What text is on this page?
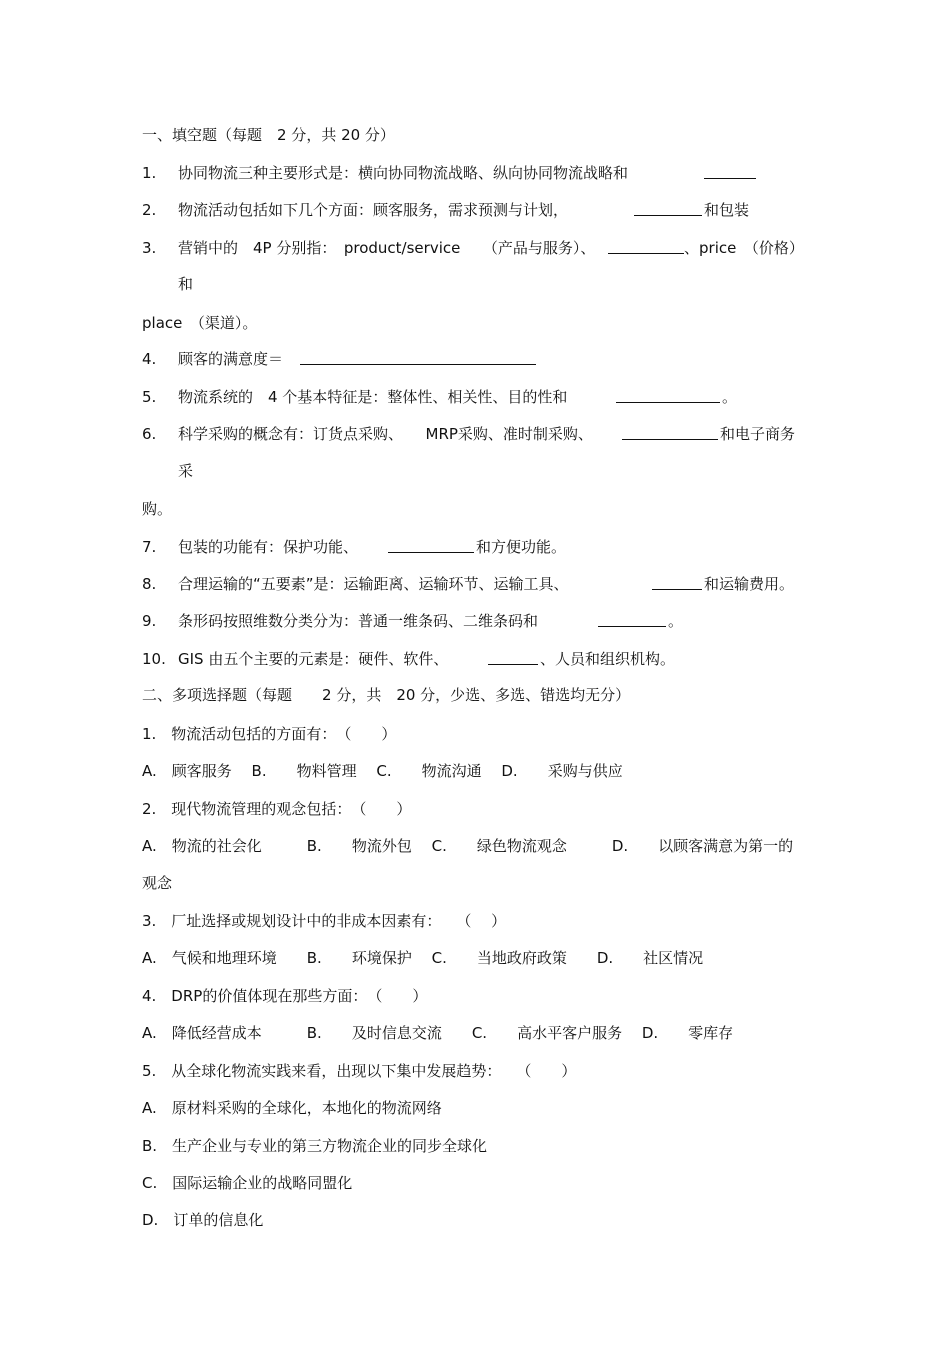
一、填空题（每题　2 分，共 20 分）
1. 协同物流三种主要形式是：横向协同物流战略、纵向协同物流战略和
2. 物流活动包括如下几个方面：顾客服务，需求预测与计划，	和包装
3. 营销中的　4P 分别指：　product/service　　（产品与服务）、	、price　（价格）
和
place　（渠道）。
4. 顾客的满意度＝
5. 物流系统的　4 个基本特征是：整体性、相关性、目的性和	。
6. 科学采购的概念有：订货点采购、　　MRP采购、准时制采购、	和电子商务
采
购。
7. 包装的功能有：保护功能、	和方便功能。
8. 合理运输的“五要素”是：运输距离、运输环节、运输工具、	和运输费用。
9. 条形码按照维数分类分为：普通一维条码、二维条码和	。
10. GIS 由五个主要的元素是：硬件、软件、	、人员和组织机构。
二、多项选择题（每题　　2 分，共　20 分，少选、多选、错选均无分）
1.　物流活动包括的方面有：　（　　）
A.　顾客服务　 B.　　物料管理　 C.　　物流沟通　 D.　　采购与供应
2.　现代物流管理的观念包括：　（　　）
A.　物流的社会化　　　B.　　物流外包　 C.　　绿色物流观念　　　D.　　以顾客满意为第一的
观念
3.　厂址选择或规划设计中的非成本因素有：　　（　 ）
A.　气候和地理环境　　B.　　环境保护　 C.　　当地政府政策　　D.　　社区情况
4.　DRP的价值体现在那些方面：　（　　）
A.　降低经营成本　　　B.　　及时信息交流　　C.　　高水平客户服务　 D.　　零库存
5.　从全球化物流实践来看，出现以下集中发展趋势：　　（　　）
A.　原材料采购的全球化，本地化的物流网络
B.　生产企业与专业的第三方物流企业的同步全球化
C.　国际运输企业的战略同盟化
D.　订单的信息化
